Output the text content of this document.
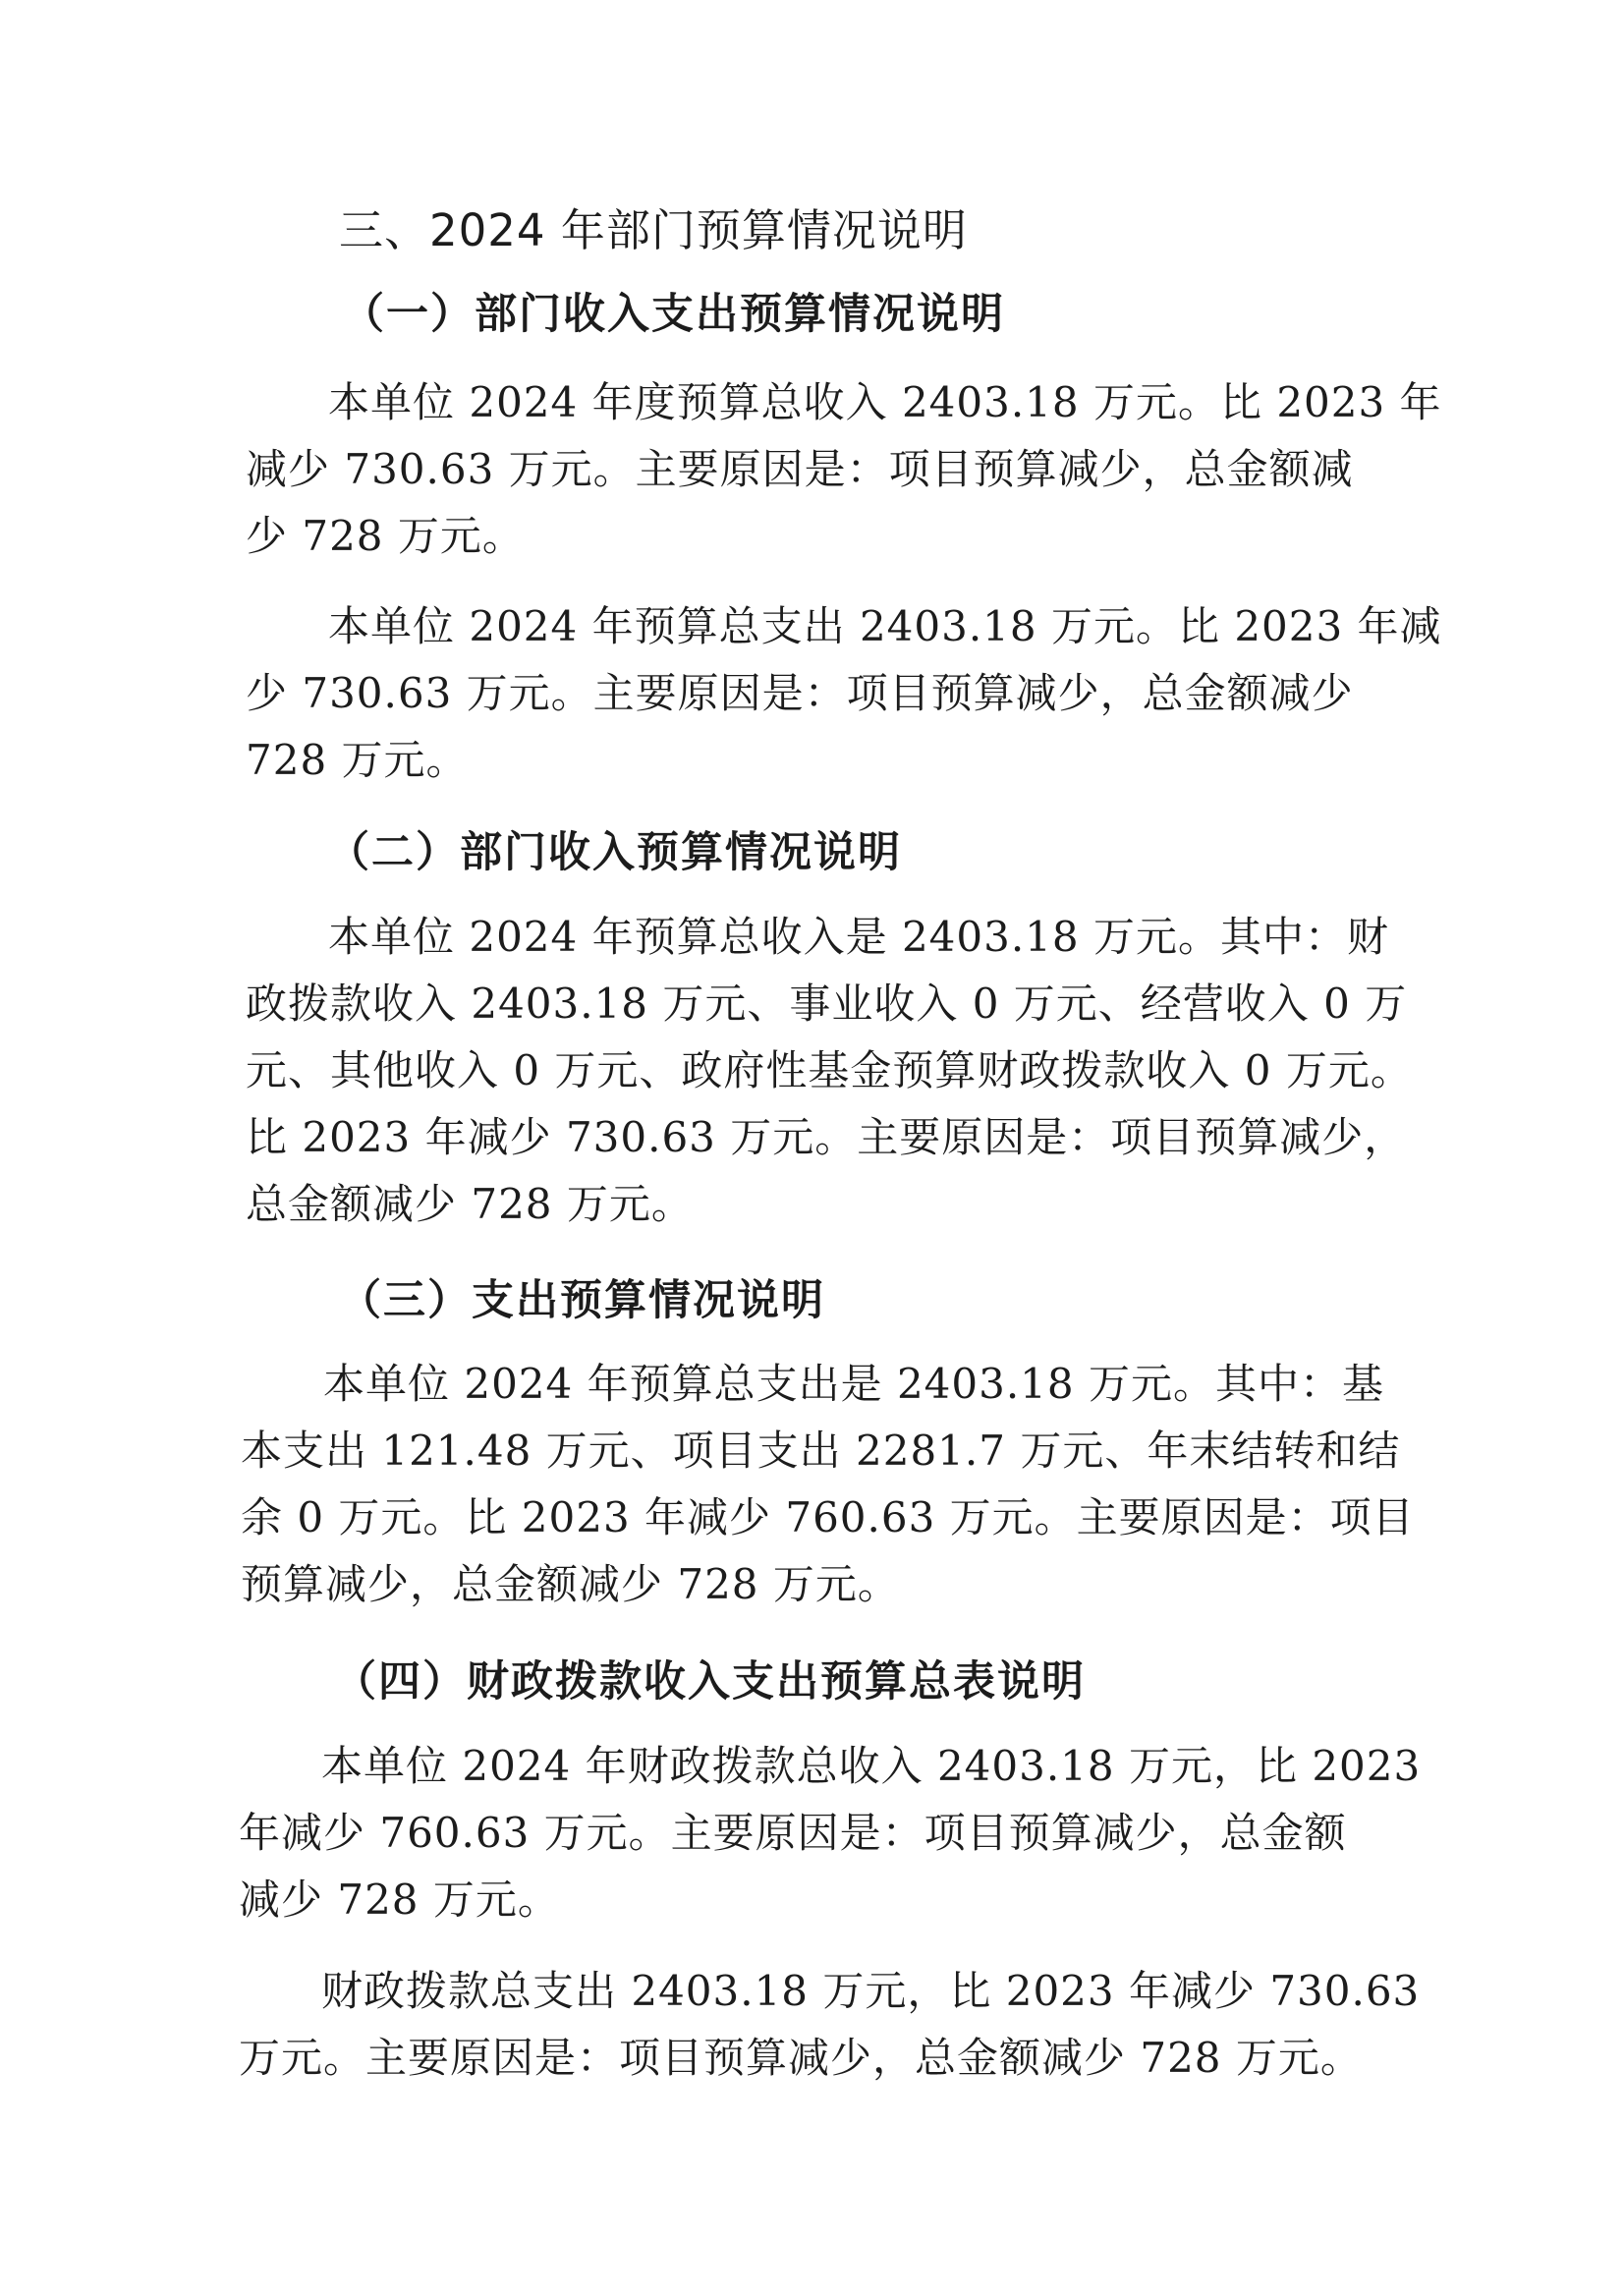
三、2024 年部门预算情况说明
（一）部门收入支出预算情况说明
本单位 2024 年度预算总收入 2403.18 万元。比 2023 年
减少 730.63 万元。主要原因是：项目预算减少，总金额减
少 728 万元。
本单位 2024 年预算总支出 2403.18 万元。比 2023 年减
少 730.63 万元。主要原因是：项目预算减少，总金额减少
728 万元。
（二）部门收入预算情况说明
本单位 2024 年预算总收入是 2403.18 万元。其中：财
政拨款收入 2403.18 万元、事业收入 0 万元、经营收入 0 万
元、其他收入 0 万元、政府性基金预算财政拨款收入 0 万元。
比 2023 年减少 730.63 万元。主要原因是：项目预算减少，
总金额减少 728 万元。
（三）支出预算情况说明
本单位 2024 年预算总支出是 2403.18 万元。其中：基
本支出 121.48 万元、项目支出 2281.7 万元、年末结转和结
余 0 万元。比 2023 年减少 760.63 万元。主要原因是：项目
预算减少，总金额减少 728 万元。
（四）财政拨款收入支出预算总表说明
本单位 2024 年财政拨款总收入 2403.18 万元，比 2023
年减少 760.63 万元。主要原因是：项目预算减少，总金额
减少 728 万元。
财政拨款总支出 2403.18 万元，比 2023 年减少 730.63
万元。主要原因是：项目预算减少，总金额减少 728 万元。
